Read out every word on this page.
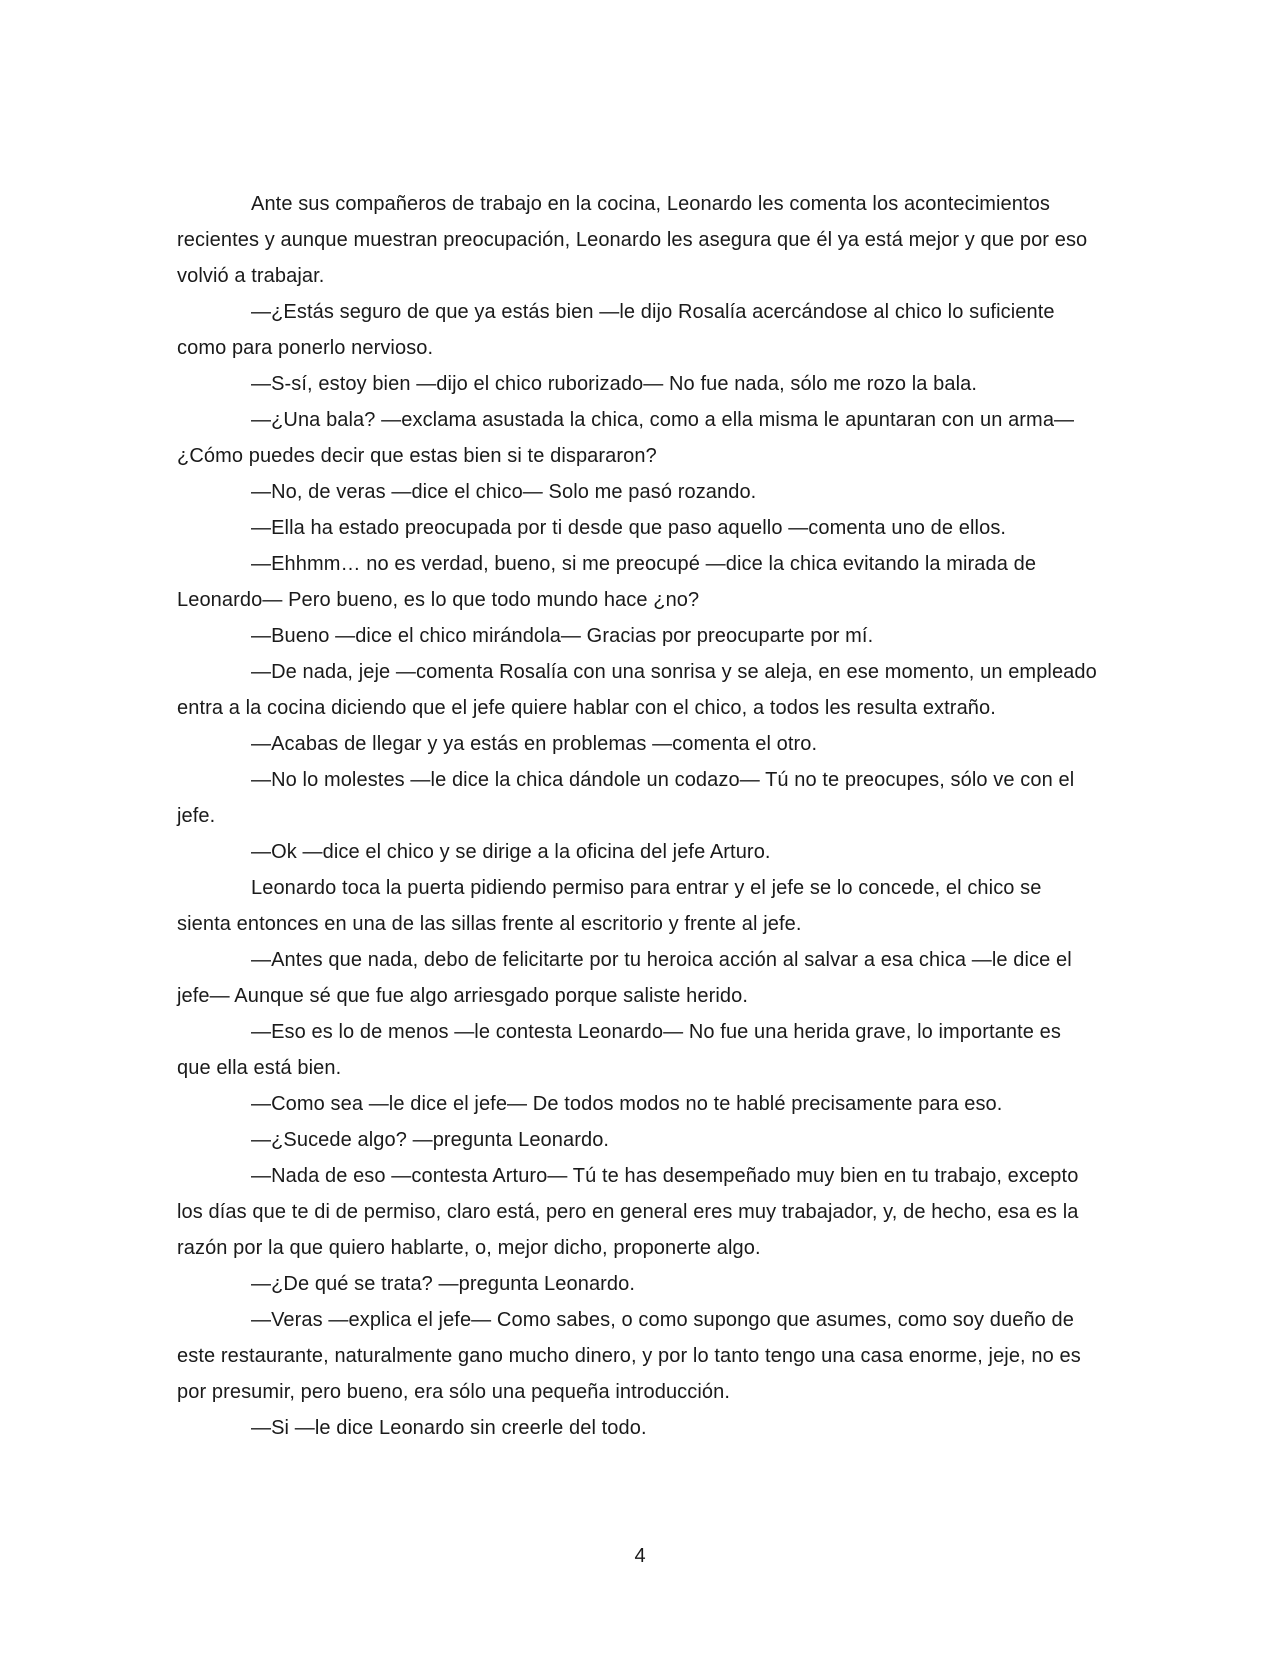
Ante sus compañeros de trabajo en la cocina, Leonardo les comenta los acontecimientos recientes y aunque muestran preocupación, Leonardo les asegura que él ya está mejor y que por eso volvió a trabajar.

—¿Estás seguro de que ya estás bien —le dijo Rosalía acercándose al chico lo suficiente como para ponerlo nervioso.

—S-sí, estoy bien —dijo el chico ruborizado— No fue nada, sólo me rozo la bala.

—¿Una bala? —exclama asustada la chica, como a ella misma le apuntaran con un arma— ¿Cómo puedes decir que estas bien si te dispararon?

—No, de veras —dice el chico— Solo me pasó rozando.

—Ella ha estado preocupada por ti desde que paso aquello —comenta uno de ellos.

—Ehhmm… no es verdad, bueno, si me preocupé —dice la chica evitando la mirada de Leonardo— Pero bueno, es lo que todo mundo hace ¿no?

—Bueno —dice el chico mirándola— Gracias por preocuparte por mí.

—De nada, jeje —comenta Rosalía con una sonrisa y se aleja, en ese momento, un empleado entra a la cocina diciendo que el jefe quiere hablar con el chico, a todos les resulta extraño.

—Acabas de llegar y ya estás en problemas —comenta el otro.

—No lo molestes —le dice la chica dándole un codazo— Tú no te preocupes, sólo ve con el jefe.

—Ok —dice el chico y se dirige a la oficina del jefe Arturo.

Leonardo toca la puerta pidiendo permiso para entrar y el jefe se lo concede, el chico se sienta entonces en una de las sillas frente al escritorio y frente al jefe.

—Antes que nada, debo de felicitarte por tu heroica acción al salvar a esa chica —le dice el jefe— Aunque sé que fue algo arriesgado porque saliste herido.

—Eso es lo de menos —le contesta Leonardo— No fue una herida grave, lo importante es que ella está bien.

—Como sea —le dice el jefe— De todos modos no te hablé precisamente para eso.

—¿Sucede algo? —pregunta Leonardo.

—Nada de eso —contesta Arturo— Tú te has desempeñado muy bien en tu trabajo, excepto los días que te di de permiso, claro está, pero en general eres muy trabajador, y, de hecho, esa es la razón por la que quiero hablarte, o, mejor dicho, proponerte algo.

—¿De qué se trata? —pregunta Leonardo.

—Veras —explica el jefe— Como sabes, o como supongo que asumes, como soy dueño de este restaurante, naturalmente gano mucho dinero, y por lo tanto tengo una casa enorme, jeje, no es por presumir, pero bueno, era sólo una pequeña introducción.

—Si —le dice Leonardo sin creerle del todo.

4
